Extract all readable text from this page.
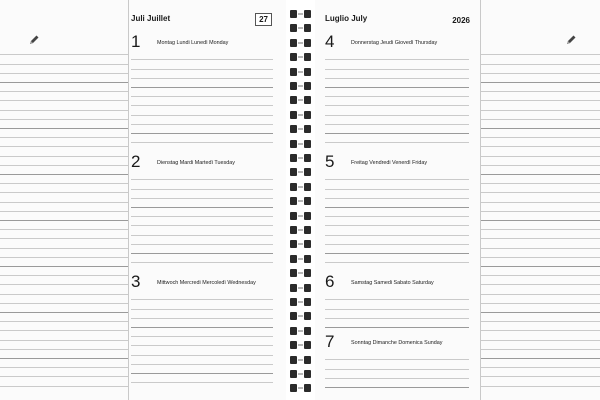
Juli Juillet	27
1	Montag Lundi Lunedì Monday
2	Dienstag Mardi Martedì Tuesday
3	Mittwoch Mercredi Mercoledì Wednesday
Luglio July	2026
4	Donnerstag Jeudi Giovedì Thursday
5	Freitag Vendredi Venerdì Friday
6	Samstag Samedi Sabato Saturday
7	Sonntag Dimanche Domenica Sunday
